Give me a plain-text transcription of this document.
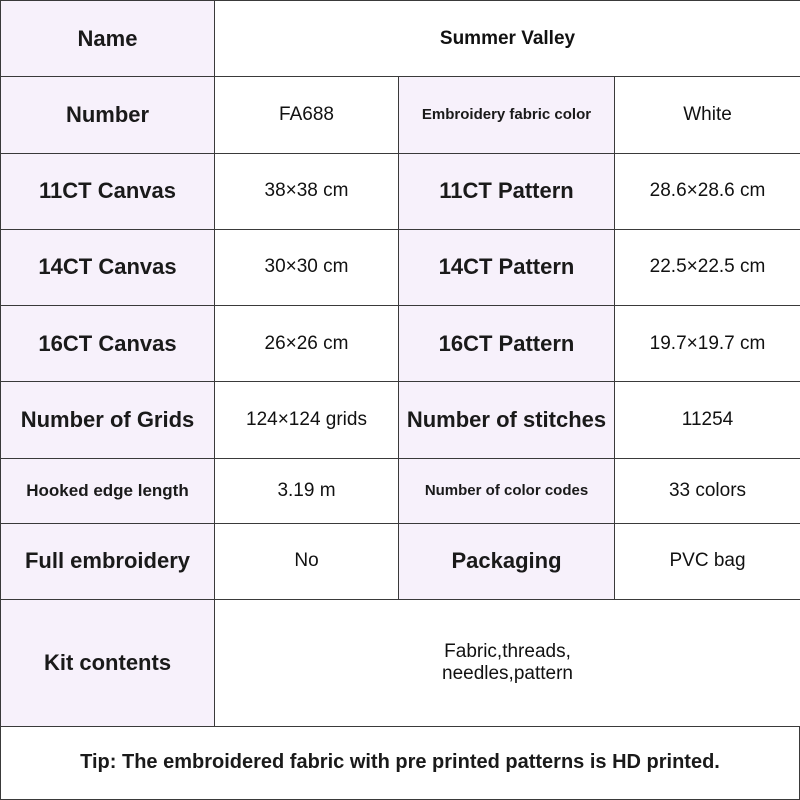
Name	Summer Valley		
Number	FA688	Embroidery fabric color	White
11CT Canvas	38×38 cm	11CT Pattern	28.6×28.6 cm
14CT Canvas	30×30 cm	14CT Pattern	22.5×22.5 cm
16CT Canvas	26×26 cm	16CT Pattern	19.7×19.7 cm
Number of Grids	124×124 grids	Number of stitches	11254
Hooked edge length	3.19 m	Number of color codes	33 colors
Full embroidery	No	Packaging	PVC bag
Kit contents	Fabric,threads,
needles,pattern		
Tip: The embroidered fabric with pre printed patterns is HD printed.
